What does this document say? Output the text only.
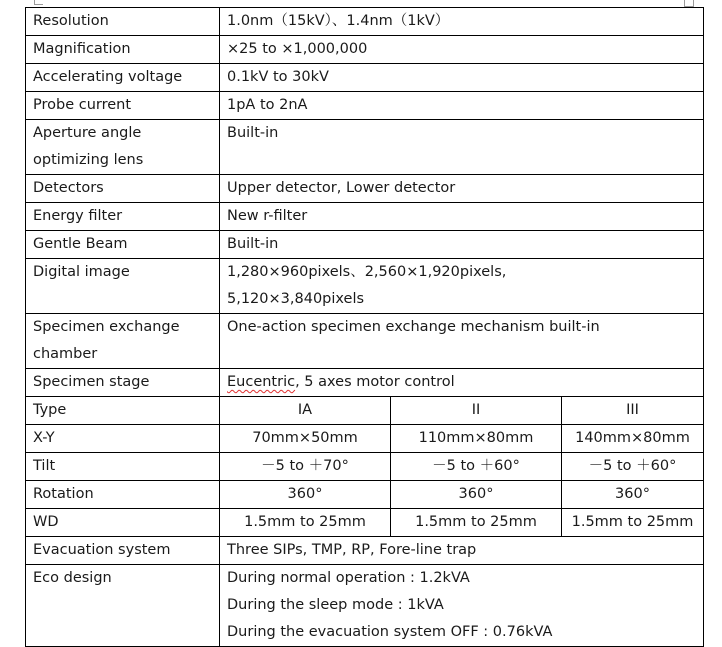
Resolution	1.0nm（15kV）、1.4nm（1kV）		
Magnification	×25 to ×1,000,000		
Accelerating voltage	0.1kV to 30kV		
Probe current	1pA to 2nA		

Aperture angle
optimizing lens	Built-in		
Detectors	Upper detector, Lower detector		
Energy filter	New r-filter		
Gentle Beam	Built-in		
Digital image	1,280×960pixels、2,560×1,920pixels,
5,120×3,840pixels		

Specimen exchange
chamber	One-action specimen exchange mechanism built-in		
Specimen stage	Eucentric, 5 axes motor control		
Type	IA	II	III
X-Y	70mm×50mm	110mm×80mm	140mm×80mm
Tilt	－5 to ＋70°	－5 to ＋60°	－5 to ＋60°
Rotation	360°	360°	360°
WD	1.5mm to 25mm	1.5mm to 25mm	1.5mm to 25mm
Evacuation system	Three SIPs, TMP, RP, Fore-line trap		
Eco design	During normal operation : 1.2kVA
During the sleep mode : 1kVA
During the evacuation system OFF : 0.76kVA		
